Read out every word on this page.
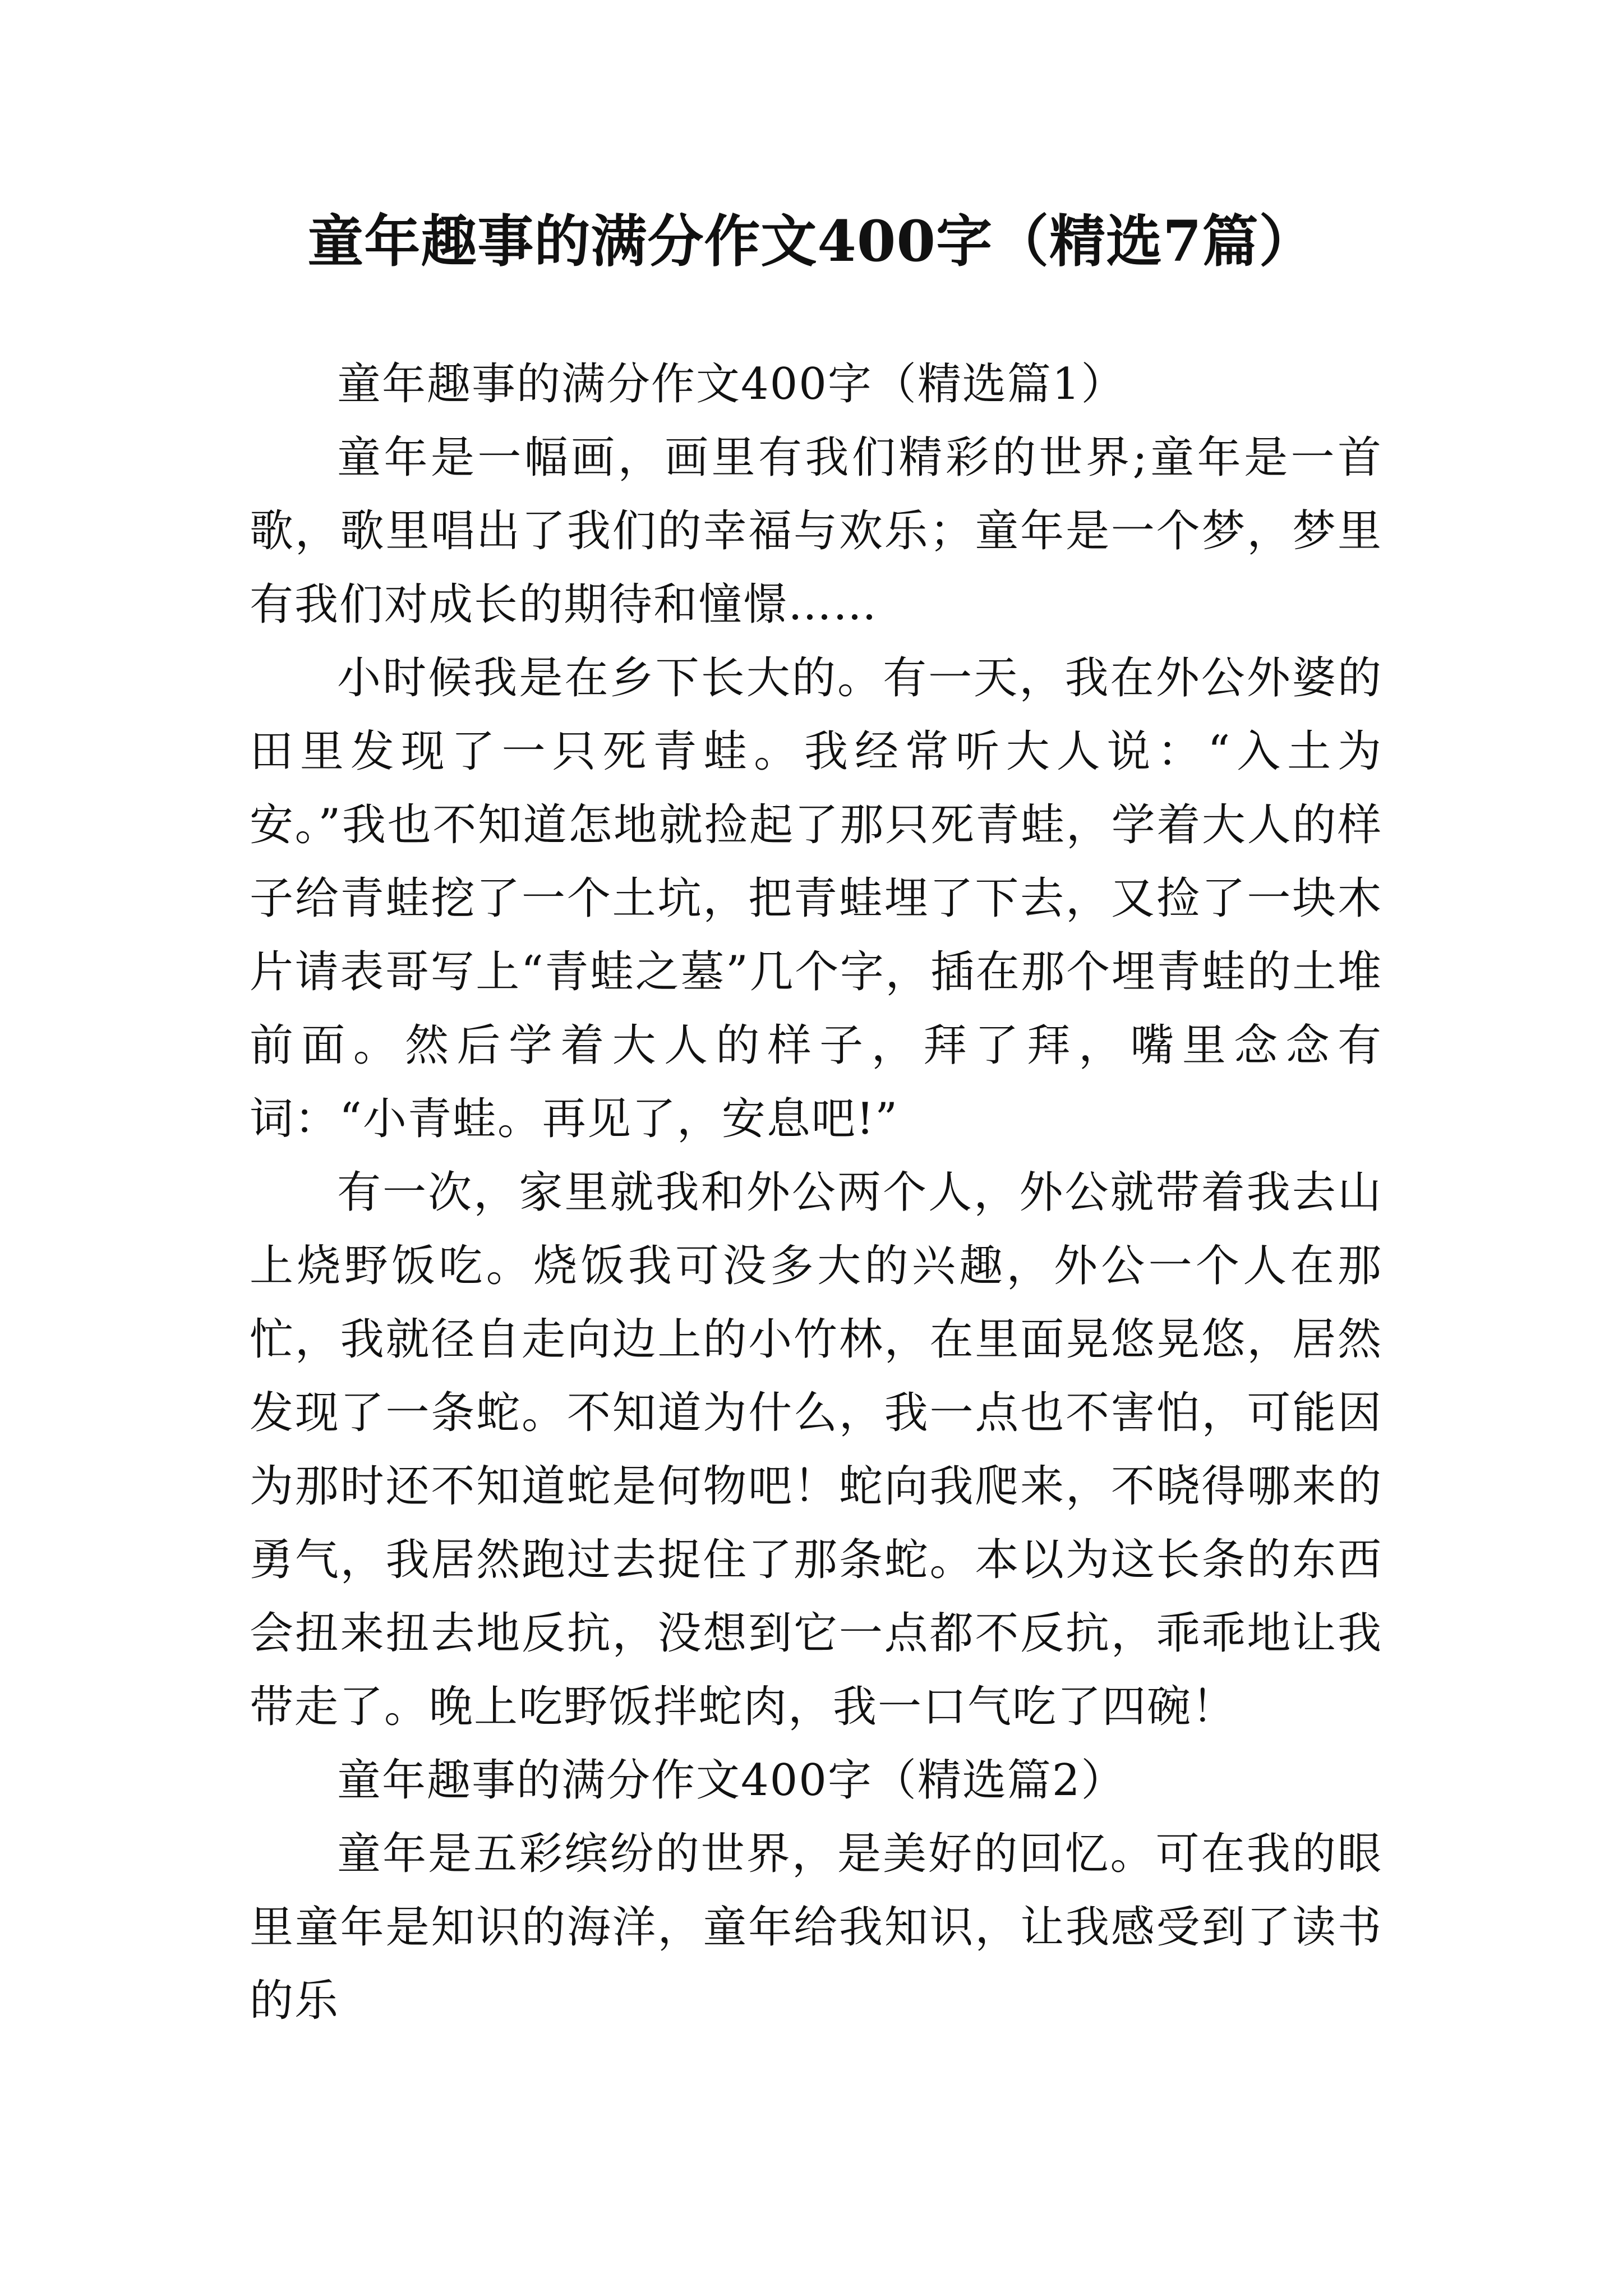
童年趣事的满分作文400字（精选7篇）

童年趣事的满分作文400字（精选篇1）

童年是一幅画，画里有我们精彩的世界;童年是一首歌，歌里唱出了我们的幸福与欢乐；童年是一个梦，梦里有我们对成长的期待和憧憬……

小时候我是在乡下长大的。有一天，我在外公外婆的田里发现了一只死青蛙。我经常听大人说：“入土为安。”我也不知道怎地就捡起了那只死青蛙，学着大人的样子给青蛙挖了一个土坑，把青蛙埋了下去，又捡了一块木片请表哥写上“青蛙之墓”几个字，插在那个埋青蛙的土堆前面。然后学着大人的样子，拜了拜，嘴里念念有词：“小青蛙。再见了，安息吧!”

有一次，家里就我和外公两个人，外公就带着我去山上烧野饭吃。烧饭我可没多大的兴趣，外公一个人在那忙，我就径自走向边上的小竹林，在里面晃悠晃悠，居然发现了一条蛇。不知道为什么，我一点也不害怕，可能因为那时还不知道蛇是何物吧！蛇向我爬来，不晓得哪来的勇气，我居然跑过去捉住了那条蛇。本以为这长条的东西会扭来扭去地反抗，没想到它一点都不反抗，乖乖地让我带走了。晚上吃野饭拌蛇肉，我一口气吃了四碗！

童年趣事的满分作文400字（精选篇2）

童年是五彩缤纷的世界，是美好的回忆。可在我的眼里童年是知识的海洋，童年给我知识，让我感受到了读书的乐
